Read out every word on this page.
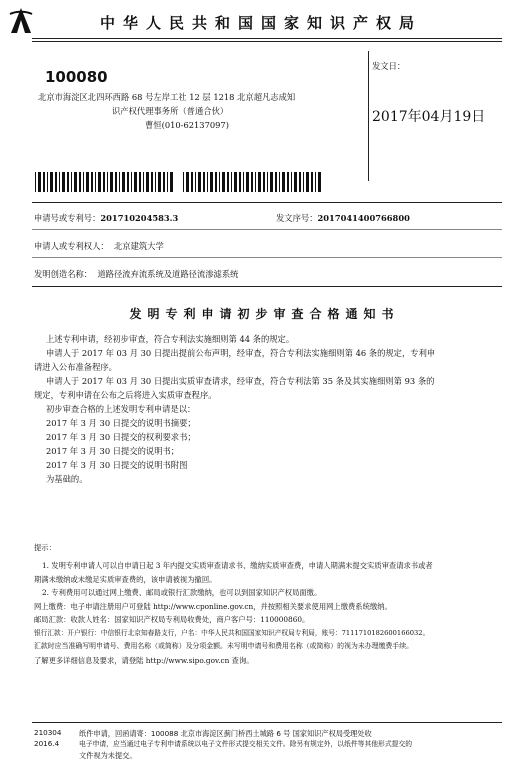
中华人民共和国国家知识产权局
100080
北京市海淀区北四环西路 68 号左岸工社 12 层 1218 北京超凡志成知
识产权代理事务所（普通合伙）
曹恒(010-62137097)
发文日：
2017年04月19日
申请号或专利号：201710204583.3	发文序号：2017041400766800
申请人或专利权人： 北京建筑大学
发明创造名称： 道路径流弃流系统及道路径流渗滤系统
发明专利申请初步审查合格通知书
上述专利申请，经初步审查，符合专利法实施细则第 44 条的规定。
申请人于 2017 年 03 月 30 日提出提前公布声明，经审查，符合专利法实施细则第 46 条的规定，专利申
请进入公布准备程序。
申请人于 2017 年 03 月 30 日提出实质审查请求，经审查，符合专利法第 35 条及其实施细则第 93 条的
规定，专利申请在公布之后将进入实质审查程序。
初步审查合格的上述发明专利申请是以：
2017 年 3 月 30 日提交的说明书摘要；
2017 年 3 月 30 日提交的权利要求书；
2017 年 3 月 30 日提交的说明书；
2017 年 3 月 30 日提交的说明书附图
为基础的。
提示：
1. 发明专利申请人可以自申请日起 3 年内提交实质审查请求书、缴纳实质审查费，申请人期满未提交实质审查请求书或者
期满未缴纳或未缴足实质审查费的，该申请被视为撤回。
2. 专利费用可以通过网上缴费、邮局或银行汇款缴纳，也可以到国家知识产权局面缴。
网上缴费：电子申请注册用户可登陆 http://www.cponline.gov.cn，并按照相关要求使用网上缴费系统缴纳。
邮局汇款：收款人姓名：国家知识产权局专利局收费处，商户客户号：110000860。
银行汇款：开户银行：中信银行北京知春路支行，户名：中华人民共和国国家知识产权局专利局，账号：7111710182600166032。
汇款时应当准确写明申请号、费用名称（或简称）及分项金额。未写明申请号和费用名称（或简称）的视为未办理缴费手续。
了解更多详细信息及要求，请登陆 http://www.sipo.gov.cn 查询。
210304
2016.4
纸件申请，回函请寄：100088 北京市海淀区蓟门桥西土城路 6 号 国家知识产权局受理处收
电子申请，应当通过电子专利申请系统以电子文件形式提交相关文件。除另有规定外，以纸件等其他形式提交的
文件视为未提交。
